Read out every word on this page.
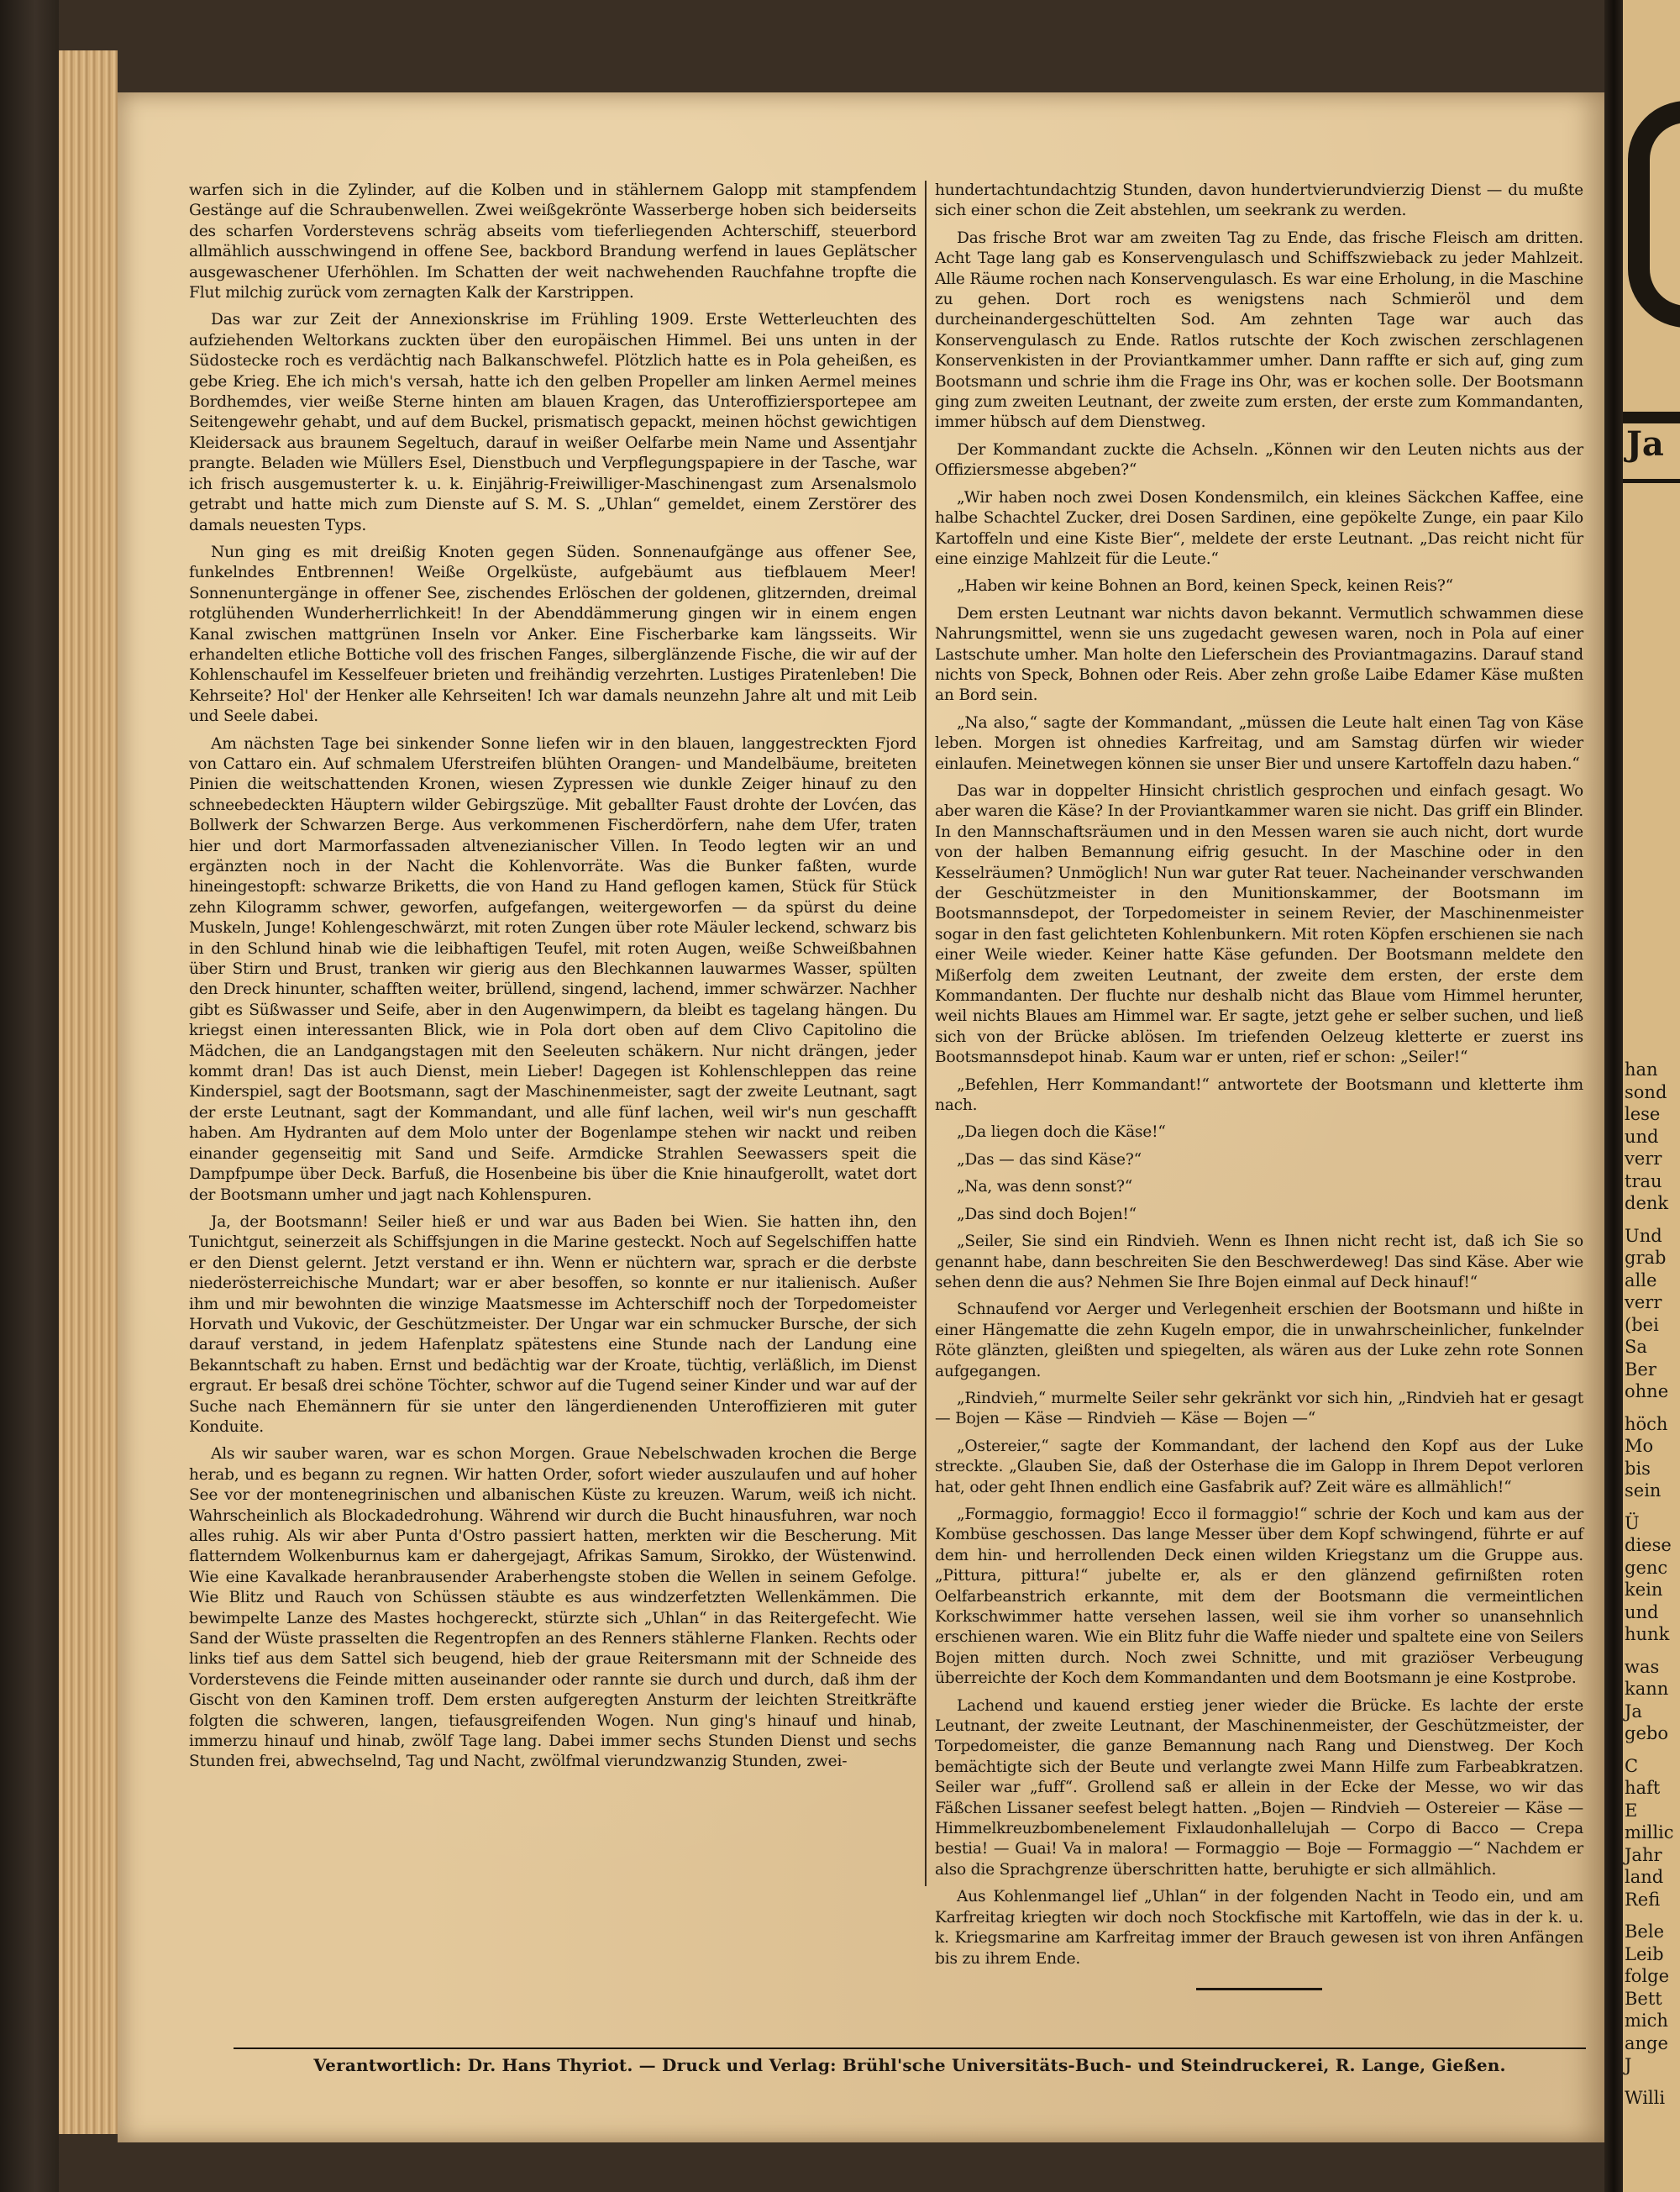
warfen sich in die Zylinder, auf die Kolben und in stählernem Galopp mit stampfendem Gestänge auf die Schraubenwellen. Zwei weißgekrönte Wasserberge hoben sich beiderseits des scharfen Vorderstevens schräg abseits vom tieferliegenden Achterschiff, steuerbord allmählich ausschwingend in offene See, backbord Brandung werfend in laues Geplätscher ausgewaschener Uferhöhlen. Im Schatten der weit nachwehenden Rauchfahne tropfte die Flut milchig zurück vom zernagten Kalk der Karstrippen.

Das war zur Zeit der Annexionskrise im Frühling 1909. Erste Wetterleuchten des aufziehenden Weltorkans zuckten über den europäischen Himmel. Bei uns unten in der Südostecke roch es verdächtig nach Balkanschwefel. Plötzlich hatte es in Pola geheißen, es gebe Krieg. Ehe ich mich's versah, hatte ich den gelben Propeller am linken Aermel meines Bordhemdes, vier weiße Sterne hinten am blauen Kragen, das Unteroffiziersportepee am Seitengewehr gehabt, und auf dem Buckel, prismatisch gepackt, meinen höchst gewichtigen Kleidersack aus braunem Segeltuch, darauf in weißer Oelfarbe mein Name und Assentjahr prangte. Beladen wie Müllers Esel, Dienstbuch und Verpflegungspapiere in der Tasche, war ich frisch ausgemusterter k. u. k. Einjährig-Freiwilliger-Maschinengast zum Arsenalsmolo getrabt und hatte mich zum Dienste auf S. M. S. „Uhlan“ gemeldet, einem Zerstörer des damals neuesten Typs.

Nun ging es mit dreißig Knoten gegen Süden. Sonnenaufgänge aus offener See, funkelndes Entbrennen! Weiße Orgelküste, aufgebäumt aus tiefblauem Meer! Sonnenuntergänge in offener See, zischendes Erlöschen der goldenen, glitzernden, dreimal rotglühenden Wunderherrlichkeit! In der Abenddämmerung gingen wir in einem engen Kanal zwischen mattgrünen Inseln vor Anker. Eine Fischerbarke kam längsseits. Wir erhandelten etliche Bottiche voll des frischen Fanges, silberglänzende Fische, die wir auf der Kohlenschaufel im Kesselfeuer brieten und freihändig verzehrten. Lustiges Piratenleben! Die Kehrseite? Hol' der Henker alle Kehrseiten! Ich war damals neunzehn Jahre alt und mit Leib und Seele dabei.

Am nächsten Tage bei sinkender Sonne liefen wir in den blauen, langgestreckten Fjord von Cattaro ein. Auf schmalem Uferstreifen blühten Orangen- und Mandelbäume, breiteten Pinien die weitschattenden Kronen, wiesen Zypressen wie dunkle Zeiger hinauf zu den schneebedeckten Häuptern wilder Gebirgszüge. Mit geballter Faust drohte der Lovćen, das Bollwerk der Schwarzen Berge. Aus verkommenen Fischerdörfern, nahe dem Ufer, traten hier und dort Marmorfassaden altvenezianischer Villen. In Teodo legten wir an und ergänzten noch in der Nacht die Kohlenvorräte. Was die Bunker faßten, wurde hineingestopft: schwarze Briketts, die von Hand zu Hand geflogen kamen, Stück für Stück zehn Kilogramm schwer, geworfen, aufgefangen, weitergeworfen — da spürst du deine Muskeln, Junge! Kohlengeschwärzt, mit roten Zungen über rote Mäuler leckend, schwarz bis in den Schlund hinab wie die leibhaftigen Teufel, mit roten Augen, weiße Schweißbahnen über Stirn und Brust, tranken wir gierig aus den Blechkannen lauwarmes Wasser, spülten den Dreck hinunter, schafften weiter, brüllend, singend, lachend, immer schwärzer. Nachher gibt es Süßwasser und Seife, aber in den Augenwimpern, da bleibt es tagelang hängen. Du kriegst einen interessanten Blick, wie in Pola dort oben auf dem Clivo Capitolino die Mädchen, die an Landgangstagen mit den Seeleuten schäkern. Nur nicht drängen, jeder kommt dran! Das ist auch Dienst, mein Lieber! Dagegen ist Kohlenschleppen das reine Kinderspiel, sagt der Bootsmann, sagt der Maschinenmeister, sagt der zweite Leutnant, sagt der erste Leutnant, sagt der Kommandant, und alle fünf lachen, weil wir's nun geschafft haben. Am Hydranten auf dem Molo unter der Bogenlampe stehen wir nackt und reiben einander gegenseitig mit Sand und Seife. Armdicke Strahlen Seewassers speit die Dampfpumpe über Deck. Barfuß, die Hosenbeine bis über die Knie hinaufgerollt, watet dort der Bootsmann umher und jagt nach Kohlenspuren.

Ja, der Bootsmann! Seiler hieß er und war aus Baden bei Wien. Sie hatten ihn, den Tunichtgut, seinerzeit als Schiffsjungen in die Marine gesteckt. Noch auf Segelschiffen hatte er den Dienst gelernt. Jetzt verstand er ihn. Wenn er nüchtern war, sprach er die derbste niederösterreichische Mundart; war er aber besoffen, so konnte er nur italienisch. Außer ihm und mir bewohnten die winzige Maatsmesse im Achterschiff noch der Torpedomeister Horvath und Vukovic, der Geschützmeister. Der Ungar war ein schmucker Bursche, der sich darauf verstand, in jedem Hafenplatz spätestens eine Stunde nach der Landung eine Bekanntschaft zu haben. Ernst und bedächtig war der Kroate, tüchtig, verläßlich, im Dienst ergraut. Er besaß drei schöne Töchter, schwor auf die Tugend seiner Kinder und war auf der Suche nach Ehemännern für sie unter den längerdienenden Unteroffizieren mit guter Konduite.

Als wir sauber waren, war es schon Morgen. Graue Nebelschwaden krochen die Berge herab, und es begann zu regnen. Wir hatten Order, sofort wieder auszulaufen und auf hoher See vor der montenegrinischen und albanischen Küste zu kreuzen. Warum, weiß ich nicht. Wahrscheinlich als Blockadedrohung. Während wir durch die Bucht hinausfuhren, war noch alles ruhig. Als wir aber Punta d'Ostro passiert hatten, merkten wir die Bescherung. Mit flatterndem Wolkenburnus kam er dahergejagt, Afrikas Samum, Sirokko, der Wüstenwind. Wie eine Kavalkade heranbrausender Araberhengste stoben die Wellen in seinem Gefolge. Wie Blitz und Rauch von Schüssen stäubte es aus windzerfetzten Wellenkämmen. Die bewimpelte Lanze des Mastes hochgereckt, stürzte sich „Uhlan“ in das Reitergefecht. Wie Sand der Wüste prasselten die Regentropfen an des Renners stählerne Flanken. Rechts oder links tief aus dem Sattel sich beugend, hieb der graue Reitersmann mit der Schneide des Vorderstevens die Feinde mitten auseinander oder rannte sie durch und durch, daß ihm der Gischt von den Kaminen troff. Dem ersten aufgeregten Ansturm der leichten Streitkräfte folgten die schweren, langen, tiefausgreifenden Wogen. Nun ging's hinauf und hinab, immerzu hinauf und hinab, zwölf Tage lang. Dabei immer sechs Stunden Dienst und sechs Stunden frei, abwechselnd, Tag und Nacht, zwölfmal vierundzwanzig Stunden, zwei-

hundertachtundachtzig Stunden, davon hundertvierundvierzig Dienst — du mußte sich einer schon die Zeit abstehlen, um seekrank zu werden.

Das frische Brot war am zweiten Tag zu Ende, das frische Fleisch am dritten. Acht Tage lang gab es Konservengulasch und Schiffszwieback zu jeder Mahlzeit. Alle Räume rochen nach Konservengulasch. Es war eine Erholung, in die Maschine zu gehen. Dort roch es wenigstens nach Schmieröl und dem durcheinandergeschüttelten Sod. Am zehnten Tage war auch das Konservengulasch zu Ende. Ratlos rutschte der Koch zwischen zerschlagenen Konservenkisten in der Proviantkammer umher. Dann raffte er sich auf, ging zum Bootsmann und schrie ihm die Frage ins Ohr, was er kochen solle. Der Bootsmann ging zum zweiten Leutnant, der zweite zum ersten, der erste zum Kommandanten, immer hübsch auf dem Dienstweg.

Der Kommandant zuckte die Achseln. „Können wir den Leuten nichts aus der Offiziersmesse abgeben?“

„Wir haben noch zwei Dosen Kondensmilch, ein kleines Säckchen Kaffee, eine halbe Schachtel Zucker, drei Dosen Sardinen, eine gepökelte Zunge, ein paar Kilo Kartoffeln und eine Kiste Bier“, meldete der erste Leutnant. „Das reicht nicht für eine einzige Mahlzeit für die Leute.“

„Haben wir keine Bohnen an Bord, keinen Speck, keinen Reis?“

Dem ersten Leutnant war nichts davon bekannt. Vermutlich schwammen diese Nahrungsmittel, wenn sie uns zugedacht gewesen waren, noch in Pola auf einer Lastschute umher. Man holte den Lieferschein des Proviantmagazins. Darauf stand nichts von Speck, Bohnen oder Reis. Aber zehn große Laibe Edamer Käse mußten an Bord sein.

„Na also,“ sagte der Kommandant, „müssen die Leute halt einen Tag von Käse leben. Morgen ist ohnedies Karfreitag, und am Samstag dürfen wir wieder einlaufen. Meinetwegen können sie unser Bier und unsere Kartoffeln dazu haben.“

Das war in doppelter Hinsicht christlich gesprochen und einfach gesagt. Wo aber waren die Käse? In der Proviantkammer waren sie nicht. Das griff ein Blinder. In den Mannschaftsräumen und in den Messen waren sie auch nicht, dort wurde von der halben Bemannung eifrig gesucht. In der Maschine oder in den Kesselräumen? Unmöglich! Nun war guter Rat teuer. Nacheinander verschwanden der Geschützmeister in den Munitionskammer, der Bootsmann im Bootsmannsdepot, der Torpedomeister in seinem Revier, der Maschinenmeister sogar in den fast gelichteten Kohlenbunkern. Mit roten Köpfen erschienen sie nach einer Weile wieder. Keiner hatte Käse gefunden. Der Bootsmann meldete den Mißerfolg dem zweiten Leutnant, der zweite dem ersten, der erste dem Kommandanten. Der fluchte nur deshalb nicht das Blaue vom Himmel herunter, weil nichts Blaues am Himmel war. Er sagte, jetzt gehe er selber suchen, und ließ sich von der Brücke ablösen. Im triefenden Oelzeug kletterte er zuerst ins Bootsmannsdepot hinab. Kaum war er unten, rief er schon: „Seiler!“

„Befehlen, Herr Kommandant!“ antwortete der Bootsmann und kletterte ihm nach.

„Da liegen doch die Käse!“

„Das — das sind Käse?“

„Na, was denn sonst?“

„Das sind doch Bojen!“

„Seiler, Sie sind ein Rindvieh. Wenn es Ihnen nicht recht ist, daß ich Sie so genannt habe, dann beschreiten Sie den Beschwerdeweg! Das sind Käse. Aber wie sehen denn die aus? Nehmen Sie Ihre Bojen einmal auf Deck hinauf!“

Schnaufend vor Aerger und Verlegenheit erschien der Bootsmann und hißte in einer Hängematte die zehn Kugeln empor, die in unwahrscheinlicher, funkelnder Röte glänzten, gleißten und spiegelten, als wären aus der Luke zehn rote Sonnen aufgegangen.

„Rindvieh,“ murmelte Seiler sehr gekränkt vor sich hin, „Rindvieh hat er gesagt — Bojen — Käse — Rindvieh — Käse — Bojen —“

„Ostereier,“ sagte der Kommandant, der lachend den Kopf aus der Luke streckte. „Glauben Sie, daß der Osterhase die im Galopp in Ihrem Depot verloren hat, oder geht Ihnen endlich eine Gasfabrik auf? Zeit wäre es allmählich!“

„Formaggio, formaggio! Ecco il formaggio!“ schrie der Koch und kam aus der Kombüse geschossen. Das lange Messer über dem Kopf schwingend, führte er auf dem hin- und herrollenden Deck einen wilden Kriegstanz um die Gruppe aus. „Pittura, pittura!“ jubelte er, als er den glänzend gefirnißten roten Oelfarbeanstrich erkannte, mit dem der Bootsmann die vermeintlichen Korkschwimmer hatte versehen lassen, weil sie ihm vorher so unansehnlich erschienen waren. Wie ein Blitz fuhr die Waffe nieder und spaltete eine von Seilers Bojen mitten durch. Noch zwei Schnitte, und mit graziöser Verbeugung überreichte der Koch dem Kommandanten und dem Bootsmann je eine Kostprobe.

Lachend und kauend erstieg jener wieder die Brücke. Es lachte der erste Leutnant, der zweite Leutnant, der Maschinenmeister, der Geschützmeister, der Torpedomeister, die ganze Bemannung nach Rang und Dienstweg. Der Koch bemächtigte sich der Beute und verlangte zwei Mann Hilfe zum Farbeabkratzen. Seiler war „fuff“. Grollend saß er allein in der Ecke der Messe, wo wir das Fäßchen Lissaner seefest belegt hatten. „Bojen — Rindvieh — Ostereier — Käse — Himmelkreuzbombenelement Fixlaudonhallelujah — Corpo di Bacco — Crepa bestia! — Guai! Va in malora! — Formaggio — Boje — Formaggio —“ Nachdem er also die Sprachgrenze überschritten hatte, beruhigte er sich allmählich.

Aus Kohlenmangel lief „Uhlan“ in der folgenden Nacht in Teodo ein, und am Karfreitag kriegten wir doch noch Stockfische mit Kartoffeln, wie das in der k. u. k. Kriegsmarine am Karfreitag immer der Brauch gewesen ist von ihren Anfängen bis zu ihrem Ende.

Verantwortlich: Dr. Hans Thyriot. — Druck und Verlag: Brühl'sche Universitäts-Buch- und Steindruckerei, R. Lange, Gießen.
Ja
han
sond
lese
und
verr
trau
denk
Und
grab
alle
verr
(bei
Sa
Ber
ohne
höch
Mo
bis
sein
Ü
diese
genc
kein
und
hunk
was
kann
Ja
gebo
C
haft
E
millic
Jahr
land
Refi
Bele
Leib
folge
Bett
mich
ange
J
Willi
